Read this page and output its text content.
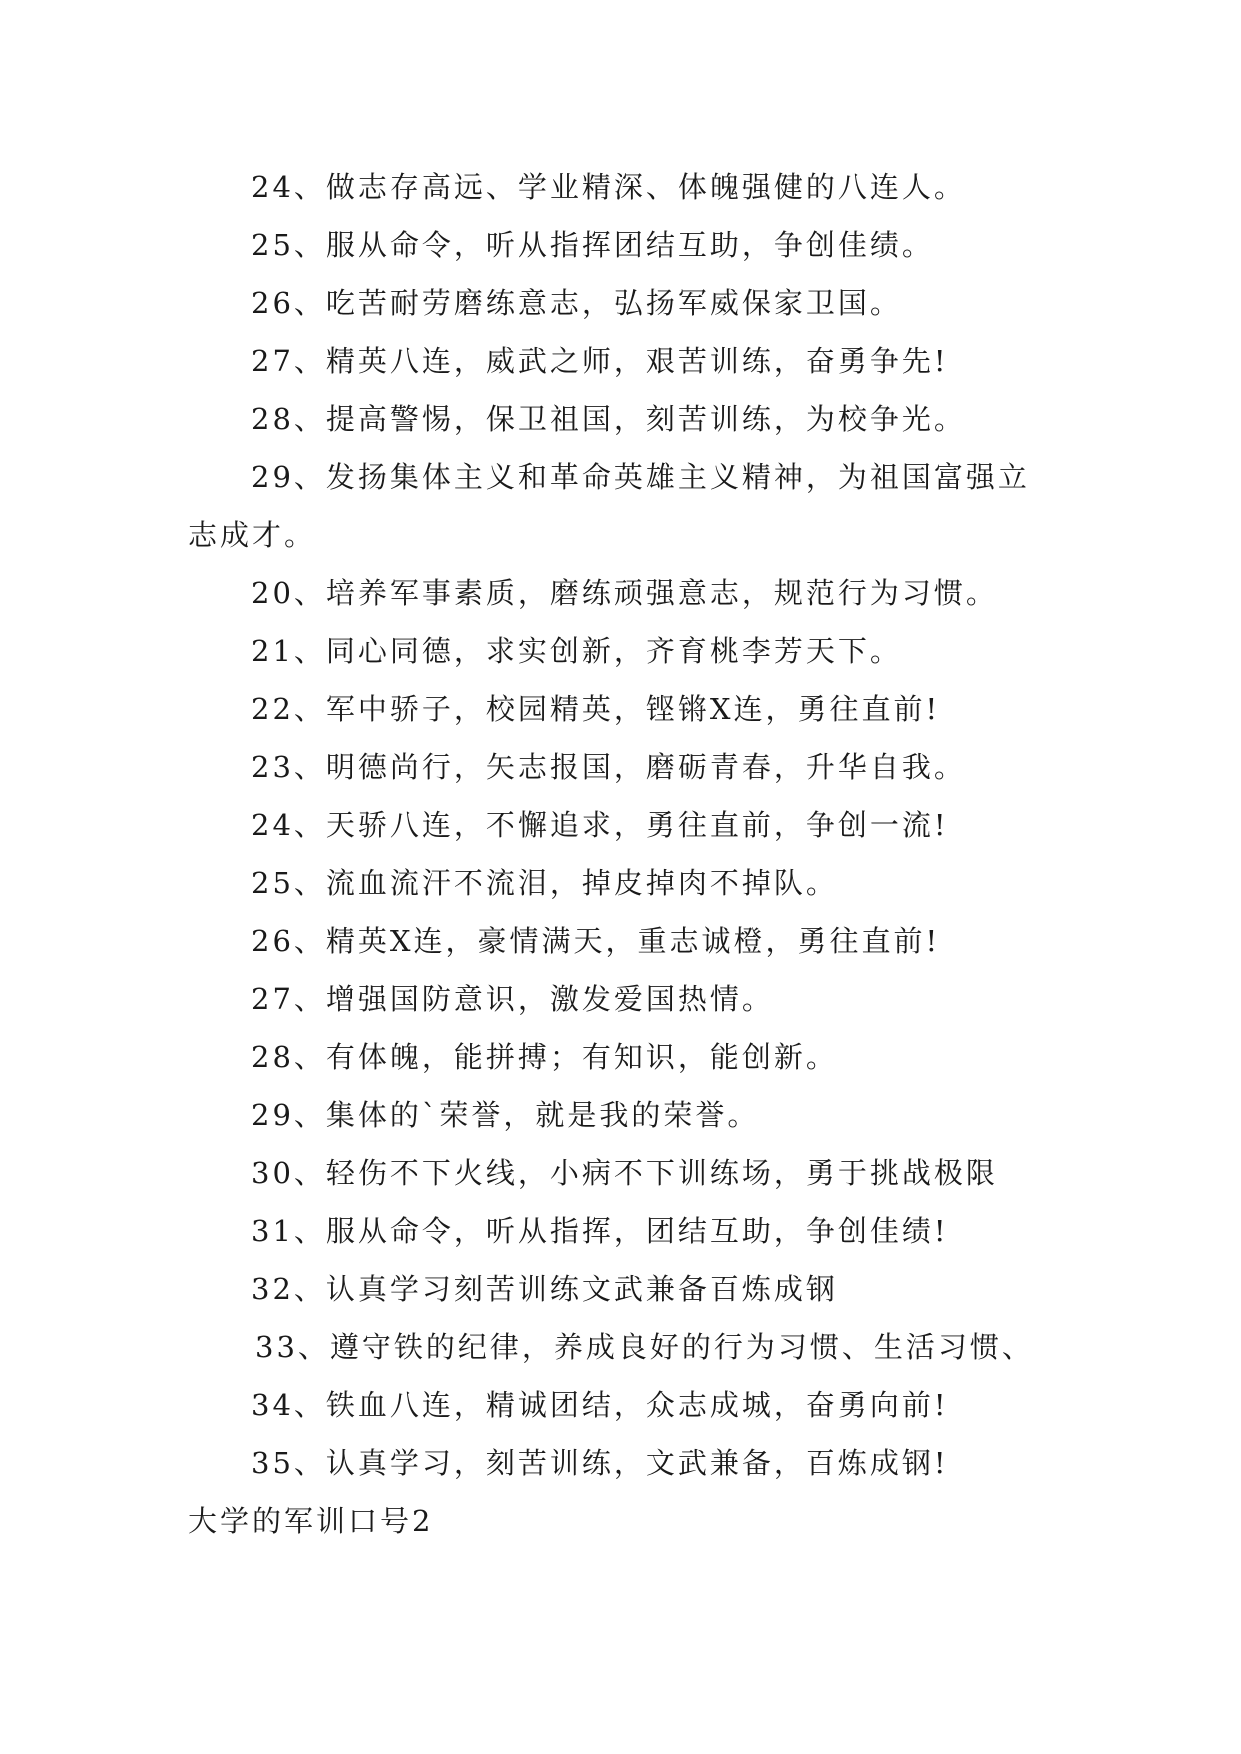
24、做志存高远、学业精深、体魄强健的八连人。

25、服从命令，听从指挥团结互助，争创佳绩。

26、吃苦耐劳磨练意志，弘扬军威保家卫国。

27、精英八连，威武之师，艰苦训练，奋勇争先!

28、提高警惕，保卫祖国，刻苦训练，为校争光。

29、发扬集体主义和革命英雄主义精神，为祖国富强立志成才。

20、培养军事素质，磨练顽强意志，规范行为习惯。

21、同心同德，求实创新，齐育桃李芳天下。

22、军中骄子，校园精英，铿锵X连，勇往直前!

23、明德尚行，矢志报国，磨砺青春，升华自我。

24、天骄八连，不懈追求，勇往直前，争创一流!

25、流血流汗不流泪，掉皮掉肉不掉队。

26、精英X连，豪情满天，重志诚橙，勇往直前!

27、增强国防意识，激发爱国热情。

28、有体魄，能拼搏；有知识，能创新。

29、集体的`荣誉，就是我的荣誉。

30、轻伤不下火线，小病不下训练场，勇于挑战极限

31、服从命令，听从指挥，团结互助，争创佳绩!

32、认真学习刻苦训练文武兼备百炼成钢

33、遵守铁的纪律，养成良好的行为习惯、生活习惯、

34、铁血八连，精诚团结，众志成城，奋勇向前!

35、认真学习，刻苦训练，文武兼备，百炼成钢!

大学的军训口号2
